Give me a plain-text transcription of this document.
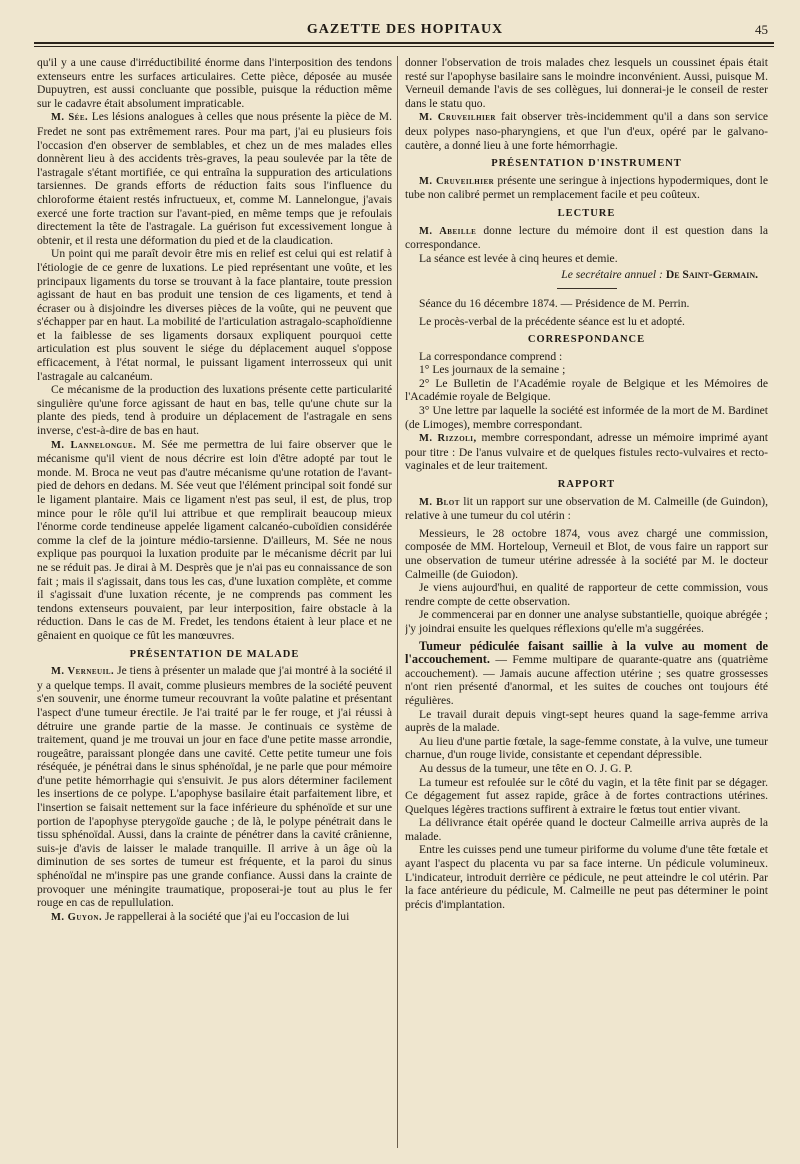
GAZETTE DES HOPITAUX	45

qu'il y a une cause d'irréductibilité énorme dans l'interposition des tendons extenseurs entre les surfaces articulaires. Cette pièce, déposée au musée Dupuytren, est aussi concluante que possible, puisque la réduction même sur le cadavre était absolument impraticable.

M. Sée. Les lésions analogues à celles que nous présente la pièce de M. Fredet ne sont pas extrêmement rares. Pour ma part, j'ai eu plusieurs fois l'occasion d'en observer de semblables, et chez un de mes malades elles donnèrent lieu à des accidents très-graves, la peau soulevée par la tête de l'astragale s'étant mortifiée, ce qui entraîna la suppuration des articulations tarsiennes. De grands efforts de réduction faits sous l'influence du chloroforme étaient restés infructueux, et, comme M. Lannelongue, j'avais exercé une forte traction sur l'avant-pied, en même temps que je refoulais directement la tête de l'astragale. La guérison fut excessivement longue à obtenir, et il resta une déformation du pied et de la claudication.

Un point qui me paraît devoir être mis en relief est celui qui est relatif à l'étiologie de ce genre de luxations. Le pied représentant une voûte, et les principaux ligaments du torse se trouvant à la face plantaire, toute pression agissant de haut en bas produit une tension de ces ligaments, et tend à écraser ou à disjoindre les diverses pièces de la voûte, qui ne peuvent que s'échapper par en haut. La mobilité de l'articulation astragalo-scaphoïdienne et la faiblesse de ses ligaments dorsaux expliquent pourquoi cette articulation est plus souvent le siége du déplacement auquel s'oppose efficacement, à l'état normal, le puissant ligament interrosseux qui unit l'astragale au calcanéum.

Ce mécanisme de la production des luxations présente cette particularité singulière qu'une force agissant de haut en bas, telle qu'une chute sur la plante des pieds, tend à produire un déplacement de l'astragale en sens inverse, c'est-à-dire de bas en haut.

M. Lannelongue. M. Sée me permettra de lui faire observer que le mécanisme qu'il vient de nous décrire est loin d'être adopté par tout le monde. M. Broca ne veut pas d'autre mécanisme qu'une rotation de l'avant-pied de dehors en dedans. M. Sée veut que l'élément principal soit fondé sur le ligament plantaire. Mais ce ligament n'est pas seul, il est, de plus, trop mince pour le rôle qu'il lui attribue et que remplirait beaucoup mieux l'énorme corde tendineuse appelée ligament calcanéo-cuboïdien considérée comme la clef de la jointure médio-tarsienne. D'ailleurs, M. Sée ne nous explique pas pourquoi la luxation produite par le mécanisme décrit par lui ne se réduit pas. Je dirai à M. Desprès que je n'ai pas eu connaissance de son fait ; mais il s'agissait, dans tous les cas, d'une luxation complète, et comme il s'agissait d'une luxation récente, je ne comprends pas comment les tendons extenseurs pouvaient, par leur interposition, faire obstacle à la réduction. Dans le cas de M. Fredet, les tendons étaient à leur place et ne gênaient en quoique ce fût les manœuvres.

PRÉSENTATION DE MALADE

M. Verneuil. Je tiens à présenter un malade que j'ai montré à la société il y a quelque temps. Il avait, comme plusieurs membres de la société peuvent s'en souvenir, une énorme tumeur recouvrant la voûte palatine et présentant l'aspect d'une tumeur érectile. Je l'ai traité par le fer rouge, et j'ai réussi à détruire une grande partie de la masse. Je continuais ce système de traitement, quand je me trouvai un jour en face d'une petite masse arrondie, rougeâtre, paraissant plongée dans une cavité. Cette petite tumeur une fois réséquée, je pénétrai dans le sinus sphénoïdal, je ne parle que pour mémoire d'une petite hémorrhagie qui s'ensuivit. Je pus alors déterminer facilement les insertions de ce polype. L'apophyse basilaire était parfaitement libre, et l'insertion se faisait nettement sur la face inférieure du sphénoïde et sur une portion de l'apophyse pterygoïde gauche ; de là, le polype pénétrait dans le tissu sphénoïdal. Aussi, dans la crainte de pénétrer dans la cavité crânienne, suis-je d'avis de laisser le malade tranquille. Il arrive à un âge où la diminution de ses sortes de tumeur est fréquente, et la paroi du sinus sphénoïdal ne m'inspire pas une grande confiance. Aussi dans la crainte de provoquer une méningite traumatique, proposerai-je tout au plus le fer rouge en cas de repullulation.

M. Guyon. Je rappellerai à la société que j'ai eu l'occasion de lui

donner l'observation de trois malades chez lesquels un coussinet épais était resté sur l'apophyse basilaire sans le moindre inconvénient. Aussi, puisque M. Verneuil demande l'avis de ses collègues, lui donnerai-je le conseil de rester dans le statu quo.

M. Cruveilhier fait observer très-incidemment qu'il a dans son service deux polypes naso-pharyngiens, et que l'un d'eux, opéré par le galvano-cautère, a donné lieu à une forte hémorrhagie.

PRÉSENTATION D'INSTRUMENT

M. Cruveilhier présente une seringue à injections hypodermiques, dont le tube non calibré permet un remplacement facile et peu coûteux.

LECTURE

M. Abeille donne lecture du mémoire dont il est question dans la correspondance.

La séance est levée à cinq heures et demie.

Le secrétaire annuel : De Saint-Germain.

Séance du 16 décembre 1874. — Présidence de M. Perrin.

Le procès-verbal de la précédente séance est lu et adopté.

CORRESPONDANCE

La correspondance comprend :

1° Les journaux de la semaine ;

2° Le Bulletin de l'Académie royale de Belgique et les Mémoires de l'Académie royale de Belgique.

3° Une lettre par laquelle la société est informée de la mort de M. Bardinet (de Limoges), membre correspondant.

M. Rizzoli, membre correspondant, adresse un mémoire imprimé ayant pour titre : De l'anus vulvaire et de quelques fistules recto-vulvaires et recto-vaginales et de leur traitement.

RAPPORT

M. Blot lit un rapport sur une observation de M. Calmeille (de Guindon), relative à une tumeur du col utérin :

Messieurs, le 28 octobre 1874, vous avez chargé une commission, composée de MM. Horteloup, Verneuil et Blot, de vous faire un rapport sur une observation de tumeur utérine adressée à la société par M. le docteur Calmeille (de Guiodon).

Je viens aujourd'hui, en qualité de rapporteur de cette commission, vous rendre compte de cette observation.

Je commencerai par en donner une analyse substantielle, quoique abrégée ; j'y joindrai ensuite les quelques réflexions qu'elle m'a suggérées.

Tumeur pédiculée faisant saillie à la vulve au moment de l'accouchement. — Femme multipare de quarante-quatre ans (quatrième accouchement). — Jamais aucune affection utérine ; ses quatre grossesses n'ont rien présenté d'anormal, et les suites de couches ont toujours été régulières.

Le travail durait depuis vingt-sept heures quand la sage-femme arriva auprès de la malade.

Au lieu d'une partie fœtale, la sage-femme constate, à la vulve, une tumeur charnue, d'un rouge livide, consistante et cependant dépressible.

Au dessus de la tumeur, une tête en O. J. G. P.

La tumeur est refoulée sur le côté du vagin, et la tête finit par se dégager. Ce dégagement fut assez rapide, grâce à de fortes contractions utérines. Quelques légères tractions suffirent à extraire le fœtus tout entier vivant.

La délivrance était opérée quand le docteur Calmeille arriva auprès de la malade.

Entre les cuisses pend une tumeur piriforme du volume d'une tête fœtale et ayant l'aspect du placenta vu par sa face interne. Un pédicule volumineux. L'indicateur, introduit derrière ce pédicule, ne peut atteindre le col utérin. Par la face antérieure du pédicule, M. Calmeille ne peut pas déterminer le point précis d'implantation.
